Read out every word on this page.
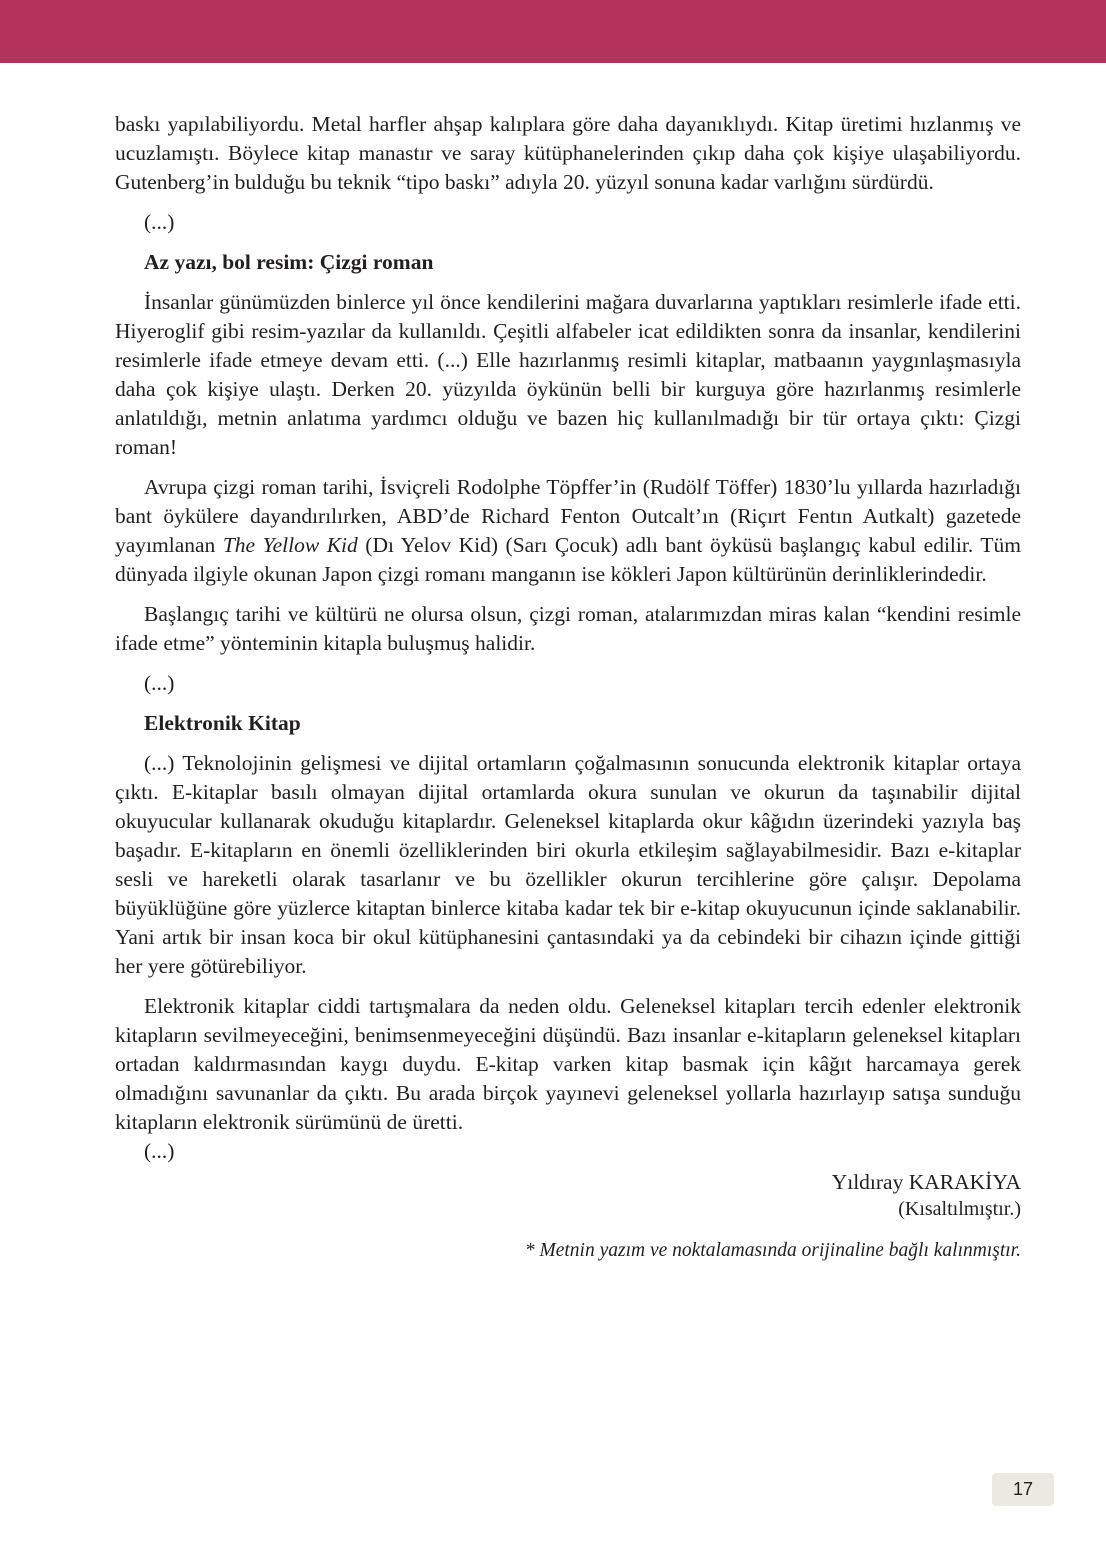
baskı yapılabiliyordu. Metal harfler ahşap kalıplara göre daha dayanıklıydı. Kitap üretimi hızlanmış ve ucuzlamıştı. Böylece kitap manastır ve saray kütüphanelerinden çıkıp daha çok kişiye ulaşabiliyordu. Gutenberg’in bulduğu bu teknik “tipo baskı” adıyla 20. yüzyıl sonuna kadar varlığını sürdürdü.

(...)
Az yazı, bol resim: Çizgi roman

İnsanlar günümüzden binlerce yıl önce kendilerini mağara duvarlarına yaptıkları resimlerle ifade etti. Hiyeroglif gibi resim-yazılar da kullanıldı. Çeşitli alfabeler icat edildikten sonra da insanlar, kendilerini resimlerle ifade etmeye devam etti. (...) Elle hazırlanmış resimli kitaplar, matbaanın yaygınlaşmasıyla daha çok kişiye ulaştı. Derken 20. yüzyılda öykünün belli bir kurguya göre hazırlanmış resimlerle anlatıldığı, metnin anlatıma yardımcı olduğu ve bazen hiç kullanılmadığı bir tür ortaya çıktı: Çizgi roman!

Avrupa çizgi roman tarihi, İsviçreli Rodolphe Töpffer’in (Rudölf Töffer) 1830’lu yıllarda hazırladığı bant öykülere dayandırılırken, ABD’de Richard Fenton Outcalt’ın (Riçırt Fentın Autkalt) gazetede yayımlanan The Yellow Kid (Dı Yelov Kid) (Sarı Çocuk) adlı bant öyküsü başlangıç kabul edilir. Tüm dünyada ilgiyle okunan Japon çizgi romanı manganın ise kökleri Japon kültürünün derinliklerindedir.

Başlangıç tarihi ve kültürü ne olursa olsun, çizgi roman, atalarımızdan miras kalan “kendini resimle ifade etme” yönteminin kitapla buluşmuş halidir.

(...)
Elektronik Kitap

(...) Teknolojinin gelişmesi ve dijital ortamların çoğalmasının sonucunda elektronik kitaplar ortaya çıktı. E-kitaplar basılı olmayan dijital ortamlarda okura sunulan ve okurun da taşınabilir dijital okuyucular kullanarak okuduğu kitaplardır. Geleneksel kitaplarda okur kâğıdın üzerindeki yazıyla baş başadır. E-kitapların en önemli özelliklerinden biri okurla etkileşim sağlayabilmesidir. Bazı e-kitaplar sesli ve hareketli olarak tasarlanır ve bu özellikler okurun tercihlerine göre çalışır. Depolama büyüklüğüne göre yüzlerce kitaptan binlerce kitaba kadar tek bir e-kitap okuyucunun içinde saklanabilir. Yani artık bir insan koca bir okul kütüphanesini çantasındaki ya da cebindeki bir cihazın içinde gittiği her yere götürebiliyor.

Elektronik kitaplar ciddi tartışmalara da neden oldu. Geleneksel kitapları tercih edenler elektronik kitapların sevilmeyeceğini, benimsenmeyeceğini düşündü. Bazı insanlar e-kitapların geleneksel kitapları ortadan kaldırmasından kaygı duydu. E-kitap varken kitap basmak için kâğıt harcamaya gerek olmadığını savunanlar da çıktı. Bu arada birçok yayınevi geleneksel yollarla hazırlayıp satışa sunduğu kitapların elektronik sürümünü de üretti.

(...)
Yıldıray KARAKİYA
(Kısaltılmıştır.)
* Metnin yazım ve noktalamasında orijinaline bağlı kalınmıştır.
17
